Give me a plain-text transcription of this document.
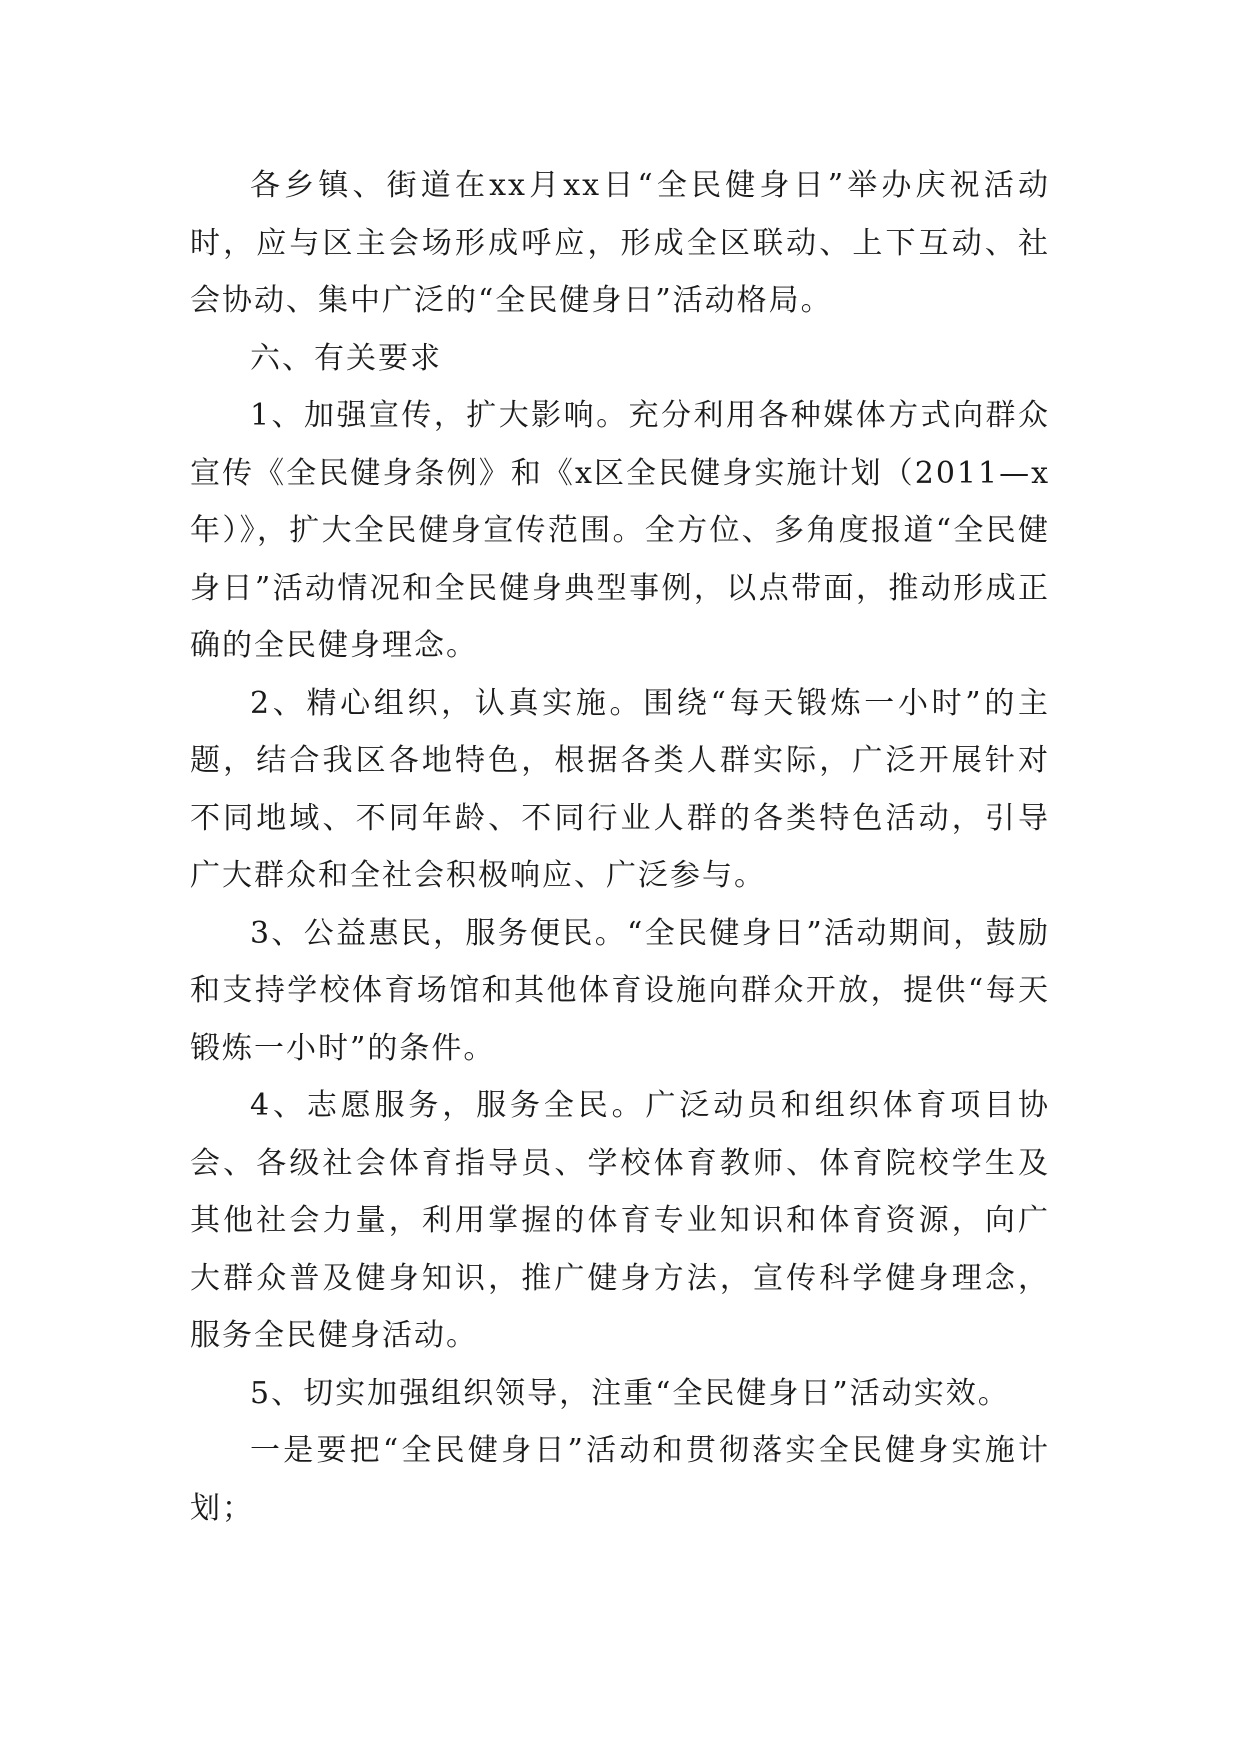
各乡镇、街道在xx月xx日“全民健身日”举办庆祝活动时，应与区主会场形成呼应，形成全区联动、上下互动、社会协动、集中广泛的“全民健身日”活动格局。

六、有关要求

1、加强宣传，扩大影响。充分利用各种媒体方式向群众宣传《全民健身条例》和《x区全民健身实施计划（2011—x年）》，扩大全民健身宣传范围。全方位、多角度报道“全民健身日”活动情况和全民健身典型事例，以点带面，推动形成正确的全民健身理念。

2、精心组织，认真实施。围绕“每天锻炼一小时”的主题，结合我区各地特色，根据各类人群实际，广泛开展针对不同地域、不同年龄、不同行业人群的各类特色活动，引导广大群众和全社会积极响应、广泛参与。

3、公益惠民，服务便民。“全民健身日”活动期间，鼓励和支持学校体育场馆和其他体育设施向群众开放，提供“每天锻炼一小时”的条件。

4、志愿服务，服务全民。广泛动员和组织体育项目协会、各级社会体育指导员、学校体育教师、体育院校学生及其他社会力量，利用掌握的体育专业知识和体育资源，向广大群众普及健身知识，推广健身方法，宣传科学健身理念，服务全民健身活动。

5、切实加强组织领导，注重“全民健身日”活动实效。

一是要把“全民健身日”活动和贯彻落实全民健身实施计划；
